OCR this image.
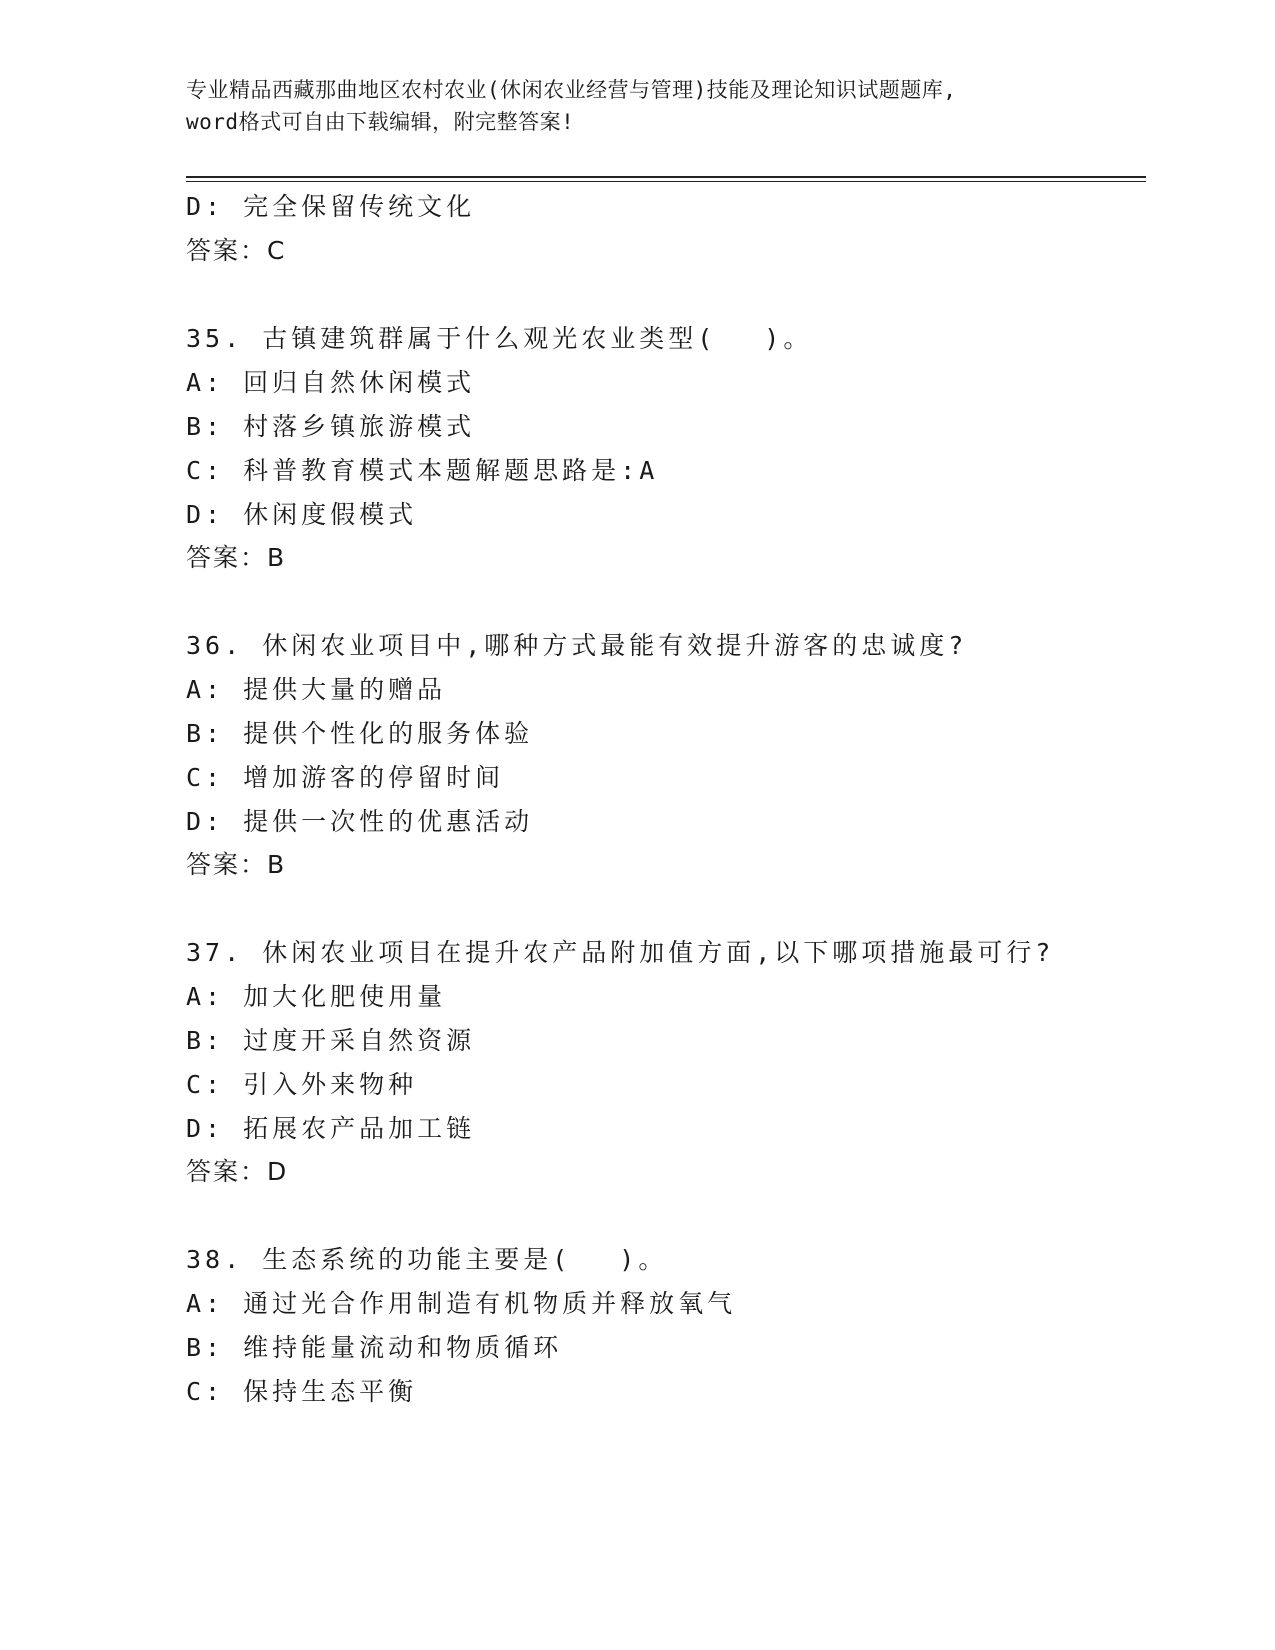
专业精品西藏那曲地区农村农业(休闲农业经营与管理)技能及理论知识试题题库,
word格式可自由下载编辑，附完整答案!
D: 完全保留传统文化
答案：C
35. 古镇建筑群属于什么观光农业类型(　 )。
A: 回归自然休闲模式
B: 村落乡镇旅游模式
C: 科普教育模式本题解题思路是:A
D: 休闲度假模式
答案：B
36. 休闲农业项目中,哪种方式最能有效提升游客的忠诚度?
A: 提供大量的赠品
B: 提供个性化的服务体验
C: 增加游客的停留时间
D: 提供一次性的优惠活动
答案：B
37. 休闲农业项目在提升农产品附加值方面,以下哪项措施最可行?
A: 加大化肥使用量
B: 过度开采自然资源
C: 引入外来物种
D: 拓展农产品加工链
答案：D
38. 生态系统的功能主要是(　 )。
A: 通过光合作用制造有机物质并释放氧气
B: 维持能量流动和物质循环
C: 保持生态平衡
